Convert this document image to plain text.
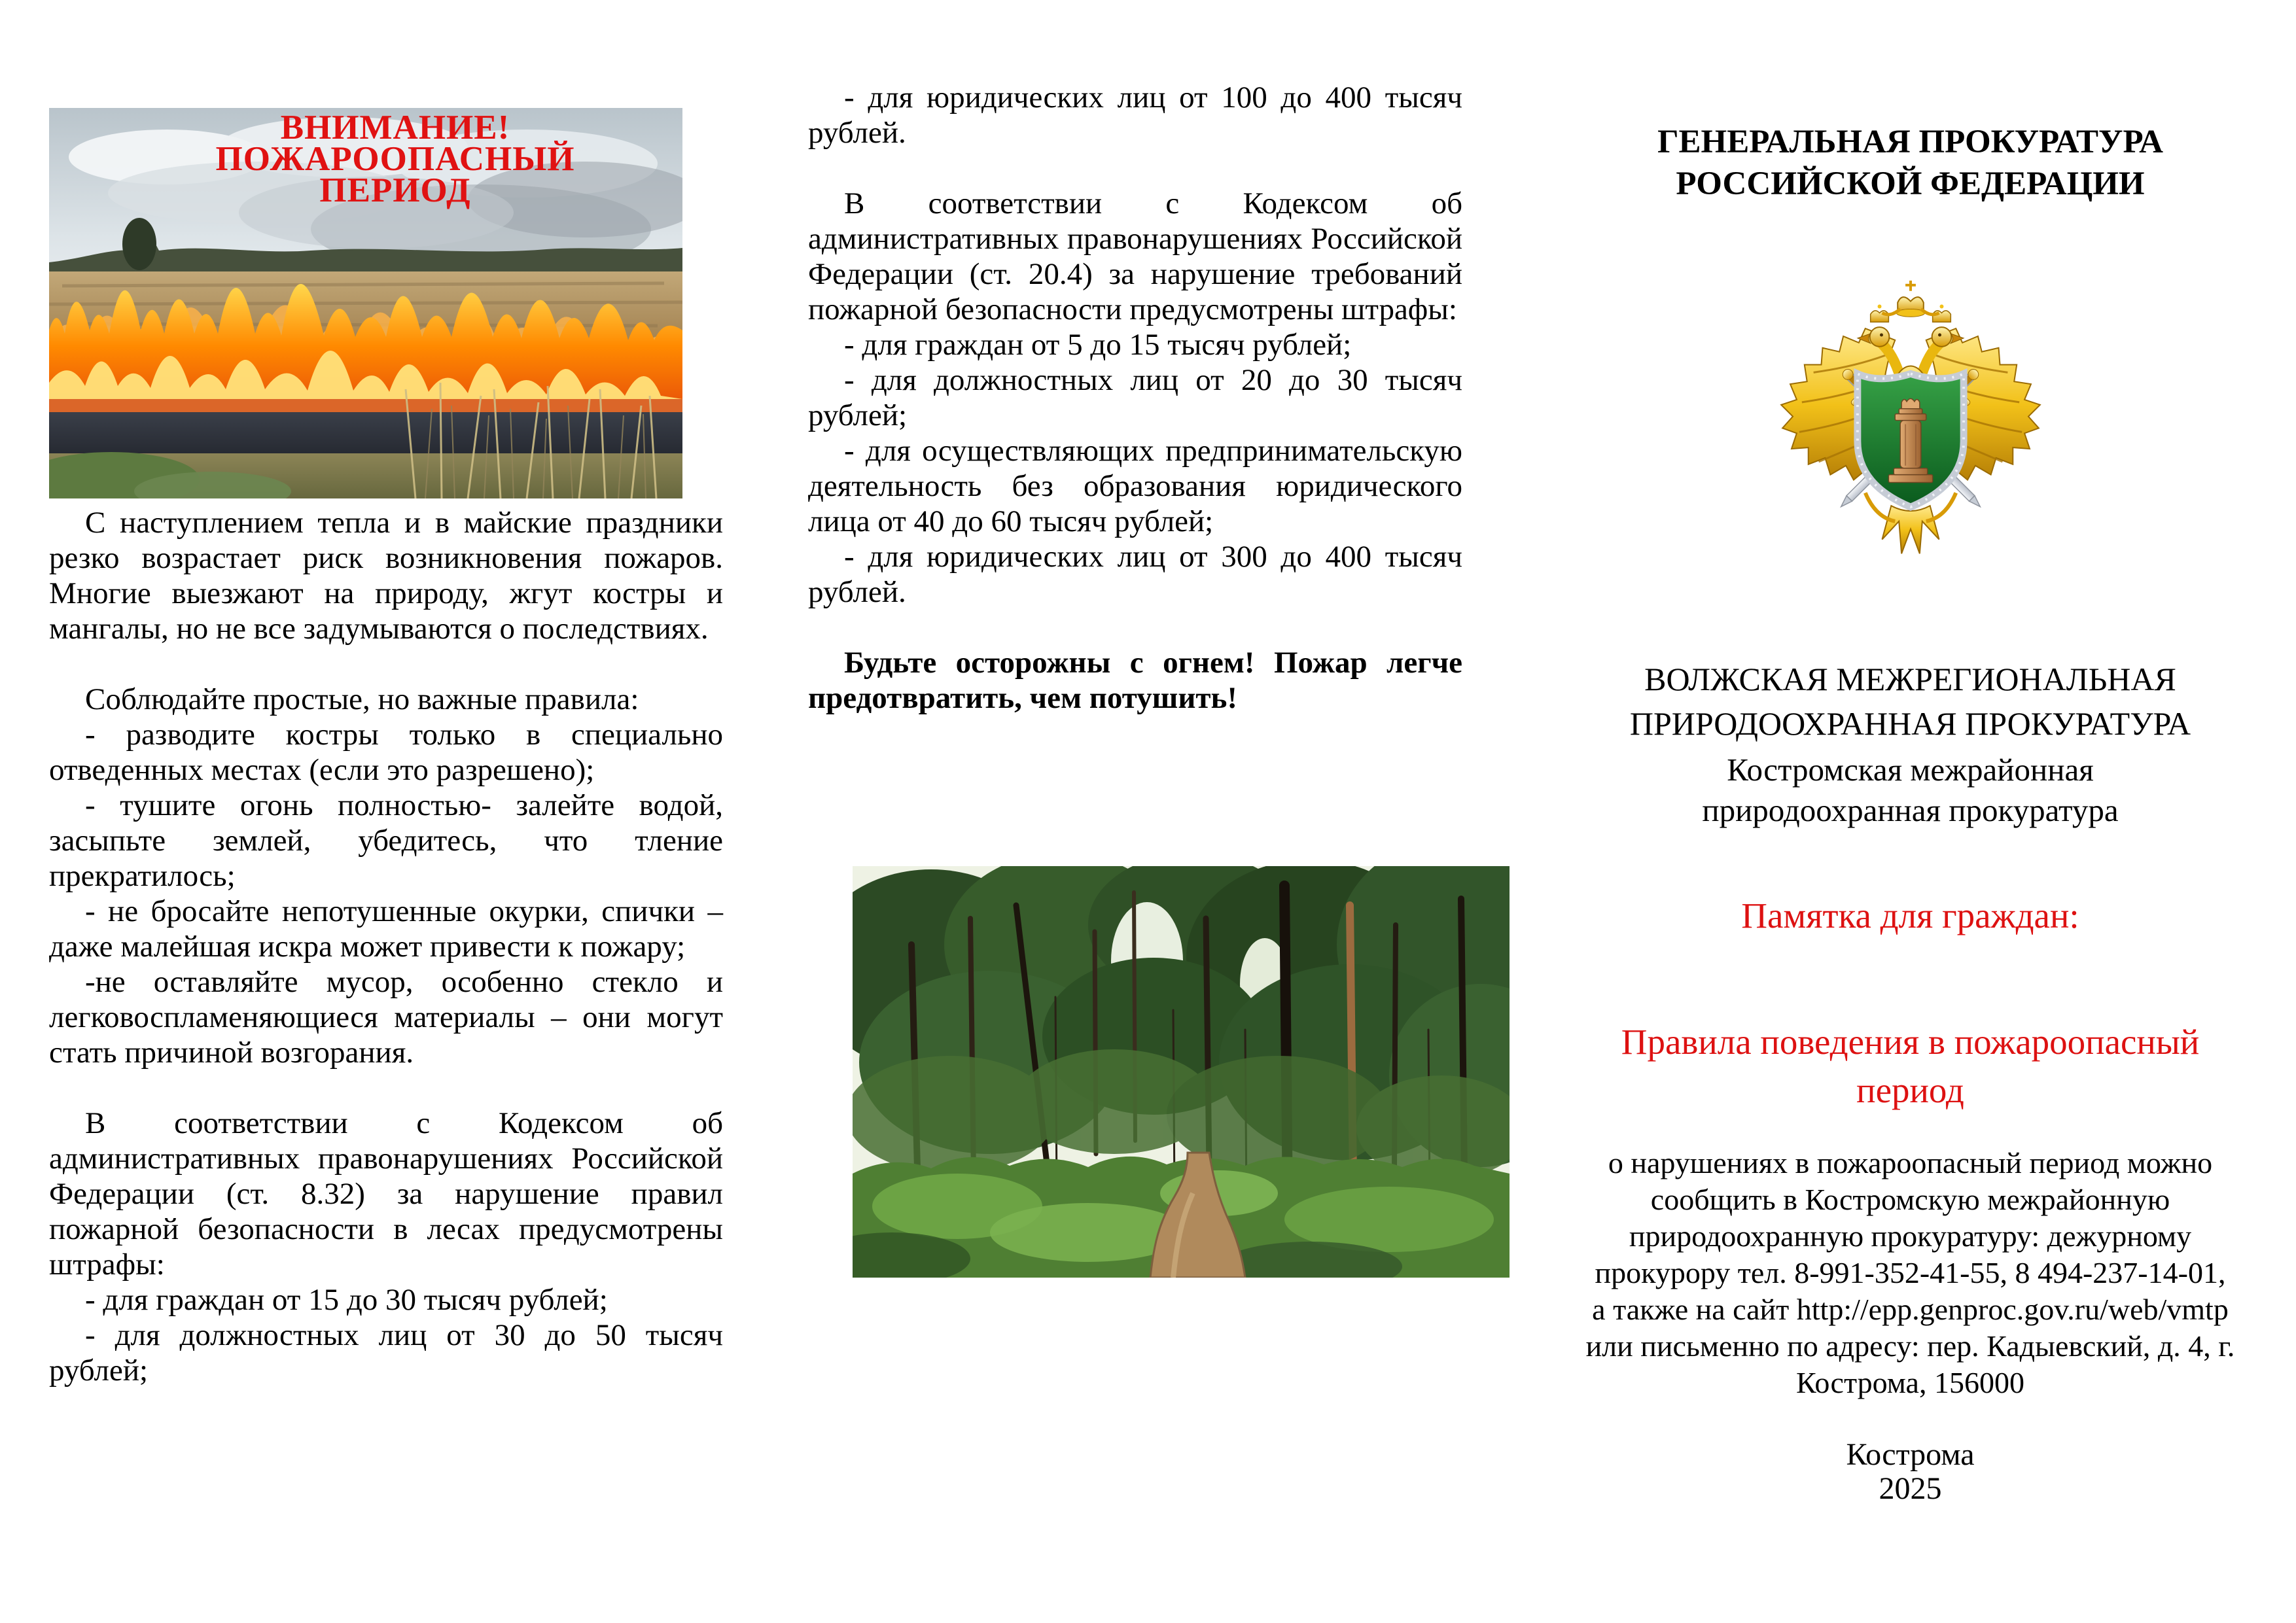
ВНИМАНИЕ!
ПОЖАРООПАСНЫЙ
ПЕРИОД

С наступлением тепла и в майские праздники резко возрастает риск возникновения пожаров. Многие выезжают на природу, жгут костры и мангалы, но не все задумываются о последствиях.

Соблюдайте простые, но важные правила:

- разводите костры только в специально отведенных местах (если это разрешено);

- тушите огонь полностью- залейте водой, засыпьте землей, убедитесь, что тление прекратилось;

- не бросайте непотушенные окурки, спички – даже малейшая искра может привести к пожару;

-не оставляйте мусор, особенно стекло и легковоспламеняющиеся материалы – они могут стать причиной возгорания.

В соответствии с Кодексом об административных правонарушениях Российской Федерации (ст. 8.32) за нарушение правил пожарной безопасности в лесах предусмотрены штрафы:

- для граждан от 15 до 30 тысяч рублей;

- для должностных лиц от 30 до 50 тысяч рублей;

- для юридических лиц от 100 до 400 тысяч рублей.

В соответствии с Кодексом об административных правонарушениях Российской Федерации (ст. 20.4) за нарушение требований пожарной безопасности предусмотрены штрафы:

- для граждан от 5 до 15 тысяч рублей;

- для должностных лиц от 20 до 30 тысяч рублей;

- для осуществляющих предпринимательскую деятельность без образования юридического лица от 40 до 60 тысяч рублей;

- для юридических лиц от 300 до 400 тысяч рублей.

Будьте осторожны с огнем! Пожар легче предотвратить, чем потушить!

ГЕНЕРАЛЬНАЯ ПРОКУРАТУРА
РОССИЙСКОЙ ФЕДЕРАЦИИ
ВОЛЖСКАЯ МЕЖРЕГИОНАЛЬНАЯ
ПРИРОДООХРАННАЯ ПРОКУРАТУРА
Костромская межрайонная
природоохранная прокуратура
Памятка для граждан:
Правила поведения в пожароопасный
период
о нарушениях в пожароопасный период можно
сообщить в Костромскую межрайонную
природоохранную прокуратуру: дежурному
прокурору тел. 8-991-352-41-55, 8 494-237-14-01,
а также на сайт http://epp.genproc.gov.ru/web/vmtp
или письменно по адресу: пер. Кадыевский, д. 4, г.
Кострома, 156000
Кострома
2025
